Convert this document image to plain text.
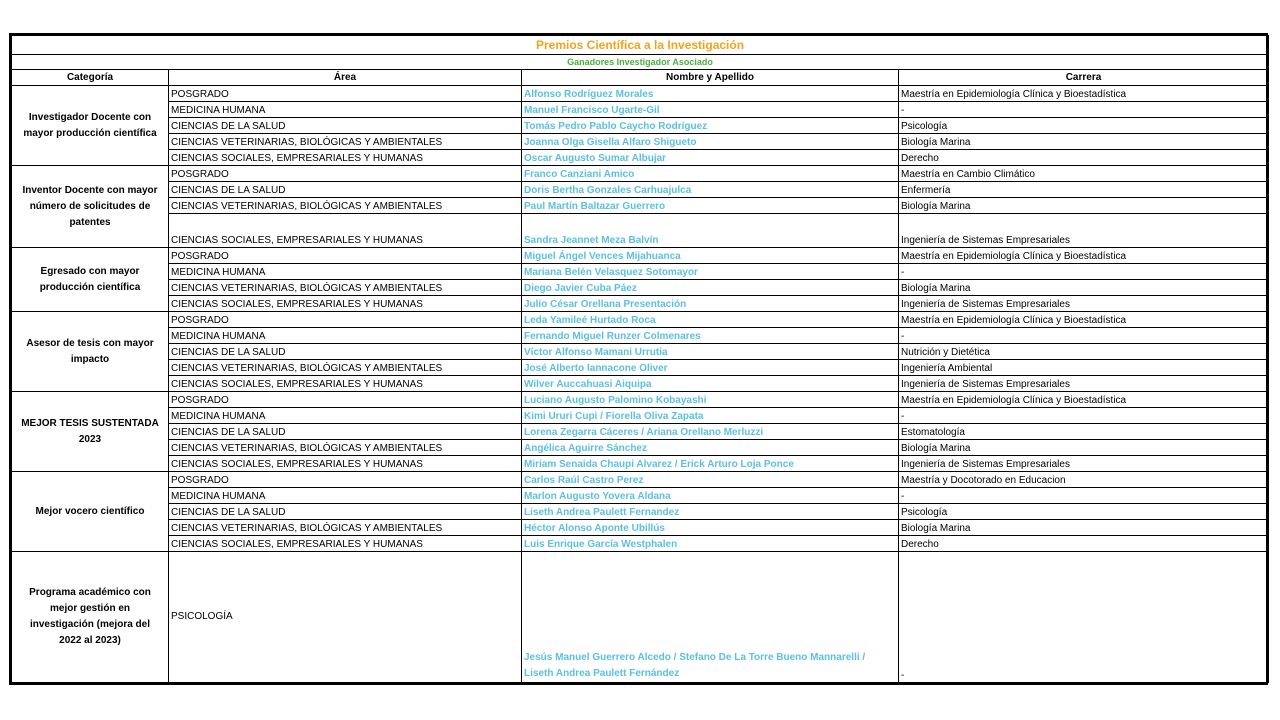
Premios Científica a la Investigación			
Ganadores Investigador Asociado			
Categoría	Área	Nombre y Apellido	Carrera
Investigador Docente con mayor producción científica	POSGRADO	Alfonso Rodríguez Morales	Maestría en Epidemiología Clínica y Bioestadística
	MEDICINA HUMANA	Manuel Francisco Ugarte-Gil	-
	CIENCIAS DE LA SALUD	Tomás Pedro Pablo Caycho Rodríguez	Psicología
	CIENCIAS VETERINARIAS, BIOLÓGICAS Y AMBIENTALES	Joanna Olga Gisella Alfaro Shigueto	Biología Marina
	CIENCIAS SOCIALES, EMPRESARIALES Y HUMANAS	Oscar Augusto Sumar Albujar	Derecho
Inventor Docente con mayor número de solicitudes de patentes	POSGRADO	Franco Canziani Amico	Maestría en Cambio Climático
	CIENCIAS DE LA SALUD	Doris Bertha Gonzales Carhuajulca	Enfermería
	CIENCIAS VETERINARIAS, BIOLÓGICAS Y AMBIENTALES	Paul Martín Baltazar Guerrero	Biología Marina
	CIENCIAS SOCIALES, EMPRESARIALES Y HUMANAS	Sandra Jeannet Meza Balvín	Ingeniería de Sistemas Empresariales
Egresado con mayor producción científica	POSGRADO	Miguel Ángel Vences Mijahuanca	Maestría en Epidemiología Clínica y Bioestadística
	MEDICINA HUMANA	Mariana Belén Velasquez Sotomayor	-
	CIENCIAS VETERINARIAS, BIOLÓGICAS Y AMBIENTALES	Diego Javier Cuba Páez	Biología Marina
	CIENCIAS SOCIALES, EMPRESARIALES Y HUMANAS	Julio César Orellana Presentación	Ingeniería de Sistemas Empresariales
Asesor de tesis con mayor impacto	POSGRADO	Leda Yamileé Hurtado Roca	Maestría en Epidemiología Clínica y Bioestadística
	MEDICINA HUMANA	Fernando Miguel Runzer Colmenares	-
	CIENCIAS DE LA SALUD	Víctor Alfonso Mamani Urrutia	Nutrición y Dietética
	CIENCIAS VETERINARIAS, BIOLÓGICAS Y AMBIENTALES	José Alberto Iannacone Oliver	Ingeniería Ambiental
	CIENCIAS SOCIALES, EMPRESARIALES Y HUMANAS	Wilver Auccahuasi Aiquipa	Ingeniería de Sistemas Empresariales
MEJOR TESIS SUSTENTADA 2023	POSGRADO	Luciano Augusto Palomino Kobayashi	Maestría en Epidemiología Clínica y Bioestadística
	MEDICINA HUMANA	Kimi Ururi Cupi / Fiorella Oliva Zapata	-
	CIENCIAS DE LA SALUD	Lorena Zegarra Cáceres / Ariana Orellano Merluzzi	Estomatología
	CIENCIAS VETERINARIAS, BIOLÓGICAS Y AMBIENTALES	Angélica Aguirre Sánchez	Biología Marina
	CIENCIAS SOCIALES, EMPRESARIALES Y HUMANAS	Miriam Senaida Chaupi Alvarez / Erick Arturo Loja Ponce	Ingeniería de Sistemas Empresariales
Mejor vocero científico	POSGRADO	Carlos Raúl Castro Perez	Maestría y Docotorado en Educacion
	MEDICINA HUMANA	Marlon Augusto Yovera Aldana	-
	CIENCIAS DE LA SALUD	Liseth Andrea Paulett Fernandez	Psicología
	CIENCIAS VETERINARIAS, BIOLÓGICAS Y AMBIENTALES	Héctor Alonso Aponte Ubillús	Biología Marina
	CIENCIAS SOCIALES, EMPRESARIALES Y HUMANAS	Luis Enrique García Westphalen	Derecho
Programa académico con mejor gestión en investigación (mejora del 2022 al 2023)	PSICOLOGÍA	Jesús Manuel Guerrero Alcedo / Stefano De La Torre Bueno Mannarelli / Liseth Andrea Paulett Fernández	-
